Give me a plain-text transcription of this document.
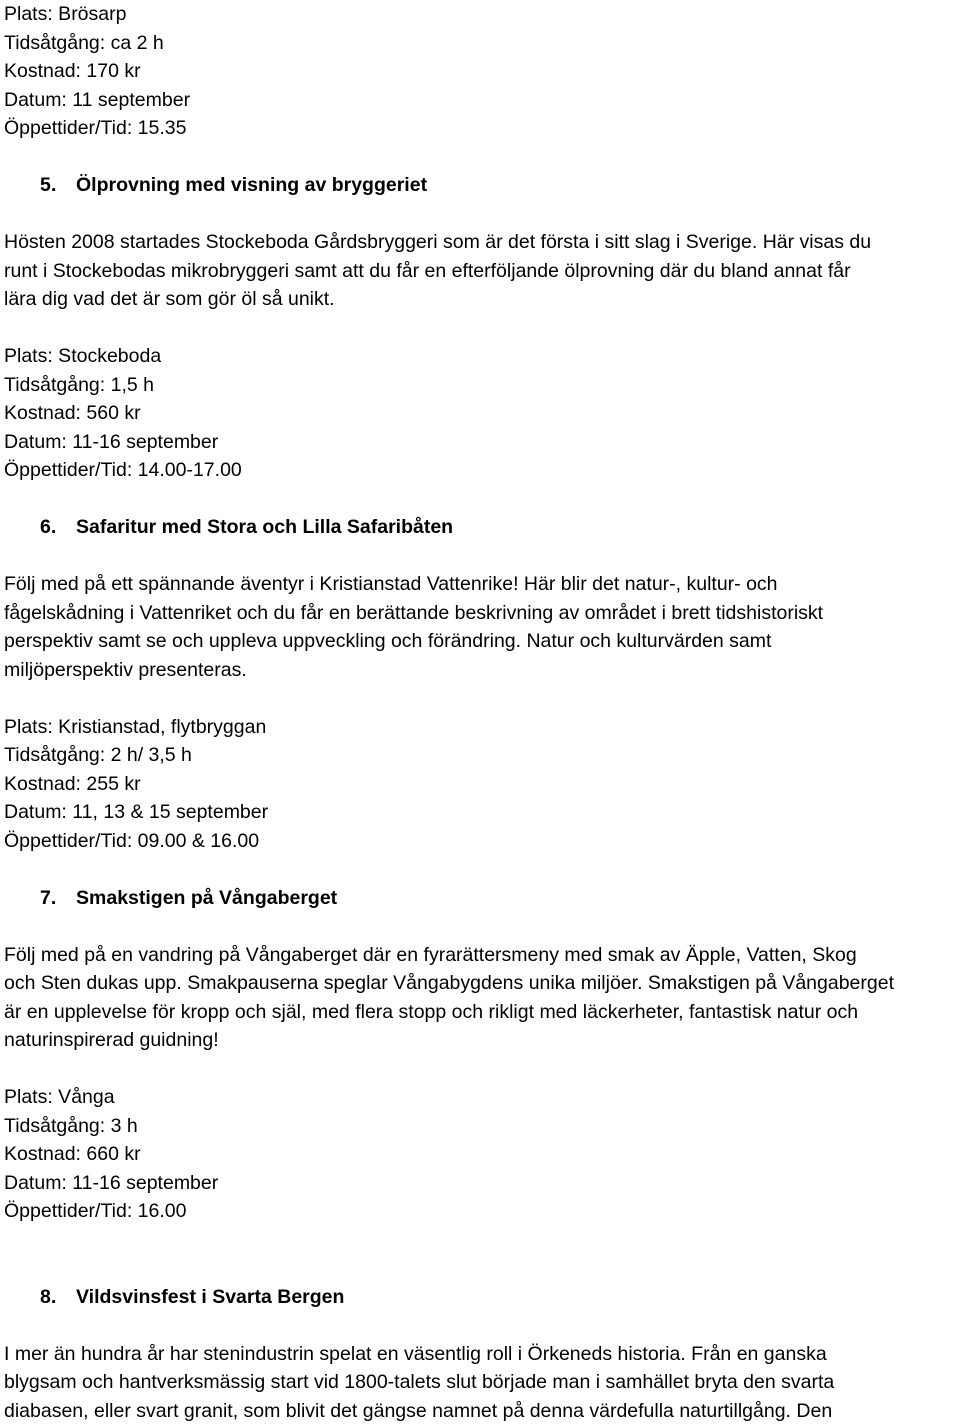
Plats: Brösarp
Tidsåtgång: ca 2 h
Kostnad: 170 kr
Datum: 11 september
Öppettider/Tid: 15.35
5. Ölprovning med visning av bryggeriet
Hösten 2008 startades Stockeboda Gårdsbryggeri som är det första i sitt slag i Sverige. Här visas du
runt i Stockebodas mikrobryggeri samt att du får en efterföljande ölprovning där du bland annat får
lära dig vad det är som gör öl så unikt.
Plats: Stockeboda
Tidsåtgång: 1,5 h
Kostnad: 560 kr
Datum: 11-16 september
Öppettider/Tid: 14.00-17.00
6. Safaritur med Stora och Lilla Safaribåten
Följ med på ett spännande äventyr i Kristianstad Vattenrike! Här blir det natur-, kultur- och
fågelskådning i Vattenriket och du får en berättande beskrivning av området i brett tidshistoriskt
perspektiv samt se och uppleva uppveckling och förändring. Natur och kulturvärden samt
miljöperspektiv presenteras.
Plats: Kristianstad, flytbryggan
Tidsåtgång: 2 h/ 3,5 h
Kostnad: 255 kr
Datum: 11, 13 & 15 september
Öppettider/Tid: 09.00 & 16.00
7. Smakstigen på Vångaberget
Följ med på en vandring på Vångaberget där en fyrarättersmeny med smak av Äpple, Vatten, Skog
och Sten dukas upp. Smakpauserna speglar Vångabygdens unika miljöer. Smakstigen på Vångaberget
är en upplevelse för kropp och själ, med flera stopp och rikligt med läckerheter, fantastisk natur och
naturinspirerad guidning!
Plats: Vånga
Tidsåtgång: 3 h
Kostnad: 660 kr
Datum: 11-16 september
Öppettider/Tid: 16.00
8. Vildsvinsfest i Svarta Bergen
I mer än hundra år har stenindustrin spelat en väsentlig roll i Örkeneds historia. Från en ganska
blygsam och hantverksmässig start vid 1800-talets slut började man i samhället bryta den svarta
diabasen, eller svart granit, som blivit det gängse namnet på denna värdefulla naturtillgång. Den
